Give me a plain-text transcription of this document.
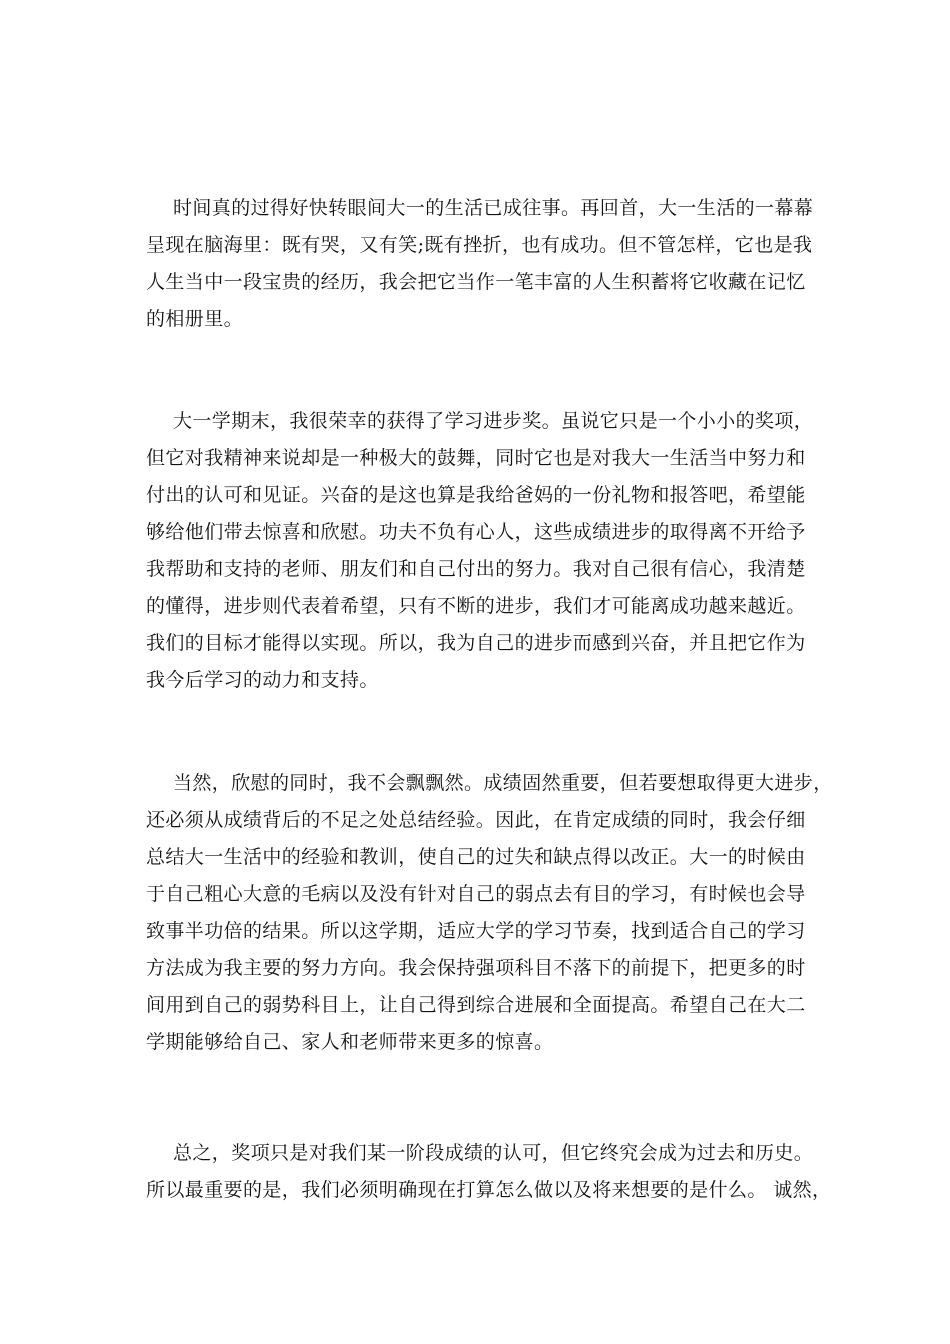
时间真的过得好快转眼间大一的生活已成往事。再回首，大一生活的一幕幕
呈现在脑海里：既有哭，又有笑;既有挫折，也有成功。但不管怎样，它也是我
人生当中一段宝贵的经历，我会把它当作一笔丰富的人生积蓄将它收藏在记忆
的相册里。
大一学期末，我很荣幸的获得了学习进步奖。虽说它只是一个小小的奖项，
但它对我精神来说却是一种极大的鼓舞，同时它也是对我大一生活当中努力和
付出的认可和见证。兴奋的是这也算是我给爸妈的一份礼物和报答吧，希望能
够给他们带去惊喜和欣慰。功夫不负有心人，这些成绩进步的取得离不开给予
我帮助和支持的老师、朋友们和自己付出的努力。我对自己很有信心，我清楚
的懂得，进步则代表着希望，只有不断的进步，我们才可能离成功越来越近。
我们的目标才能得以实现。所以，我为自己的进步而感到兴奋，并且把它作为
我今后学习的动力和支持。
当然，欣慰的同时，我不会飘飘然。成绩固然重要，但若要想取得更大进步，
还必须从成绩背后的不足之处总结经验。因此，在肯定成绩的同时，我会仔细
总结大一生活中的经验和教训，使自己的过失和缺点得以改正。大一的时候由
于自己粗心大意的毛病以及没有针对自己的弱点去有目的学习，有时候也会导
致事半功倍的结果。所以这学期，适应大学的学习节奏，找到适合自己的学习
方法成为我主要的努力方向。我会保持强项科目不落下的前提下，把更多的时
间用到自己的弱势科目上，让自己得到综合进展和全面提高。希望自己在大二
学期能够给自己、家人和老师带来更多的惊喜。
总之，奖项只是对我们某一阶段成绩的认可，但它终究会成为过去和历史。
所以最重要的是，我们必须明确现在打算怎么做以及将来想要的是什么。 诚然，
